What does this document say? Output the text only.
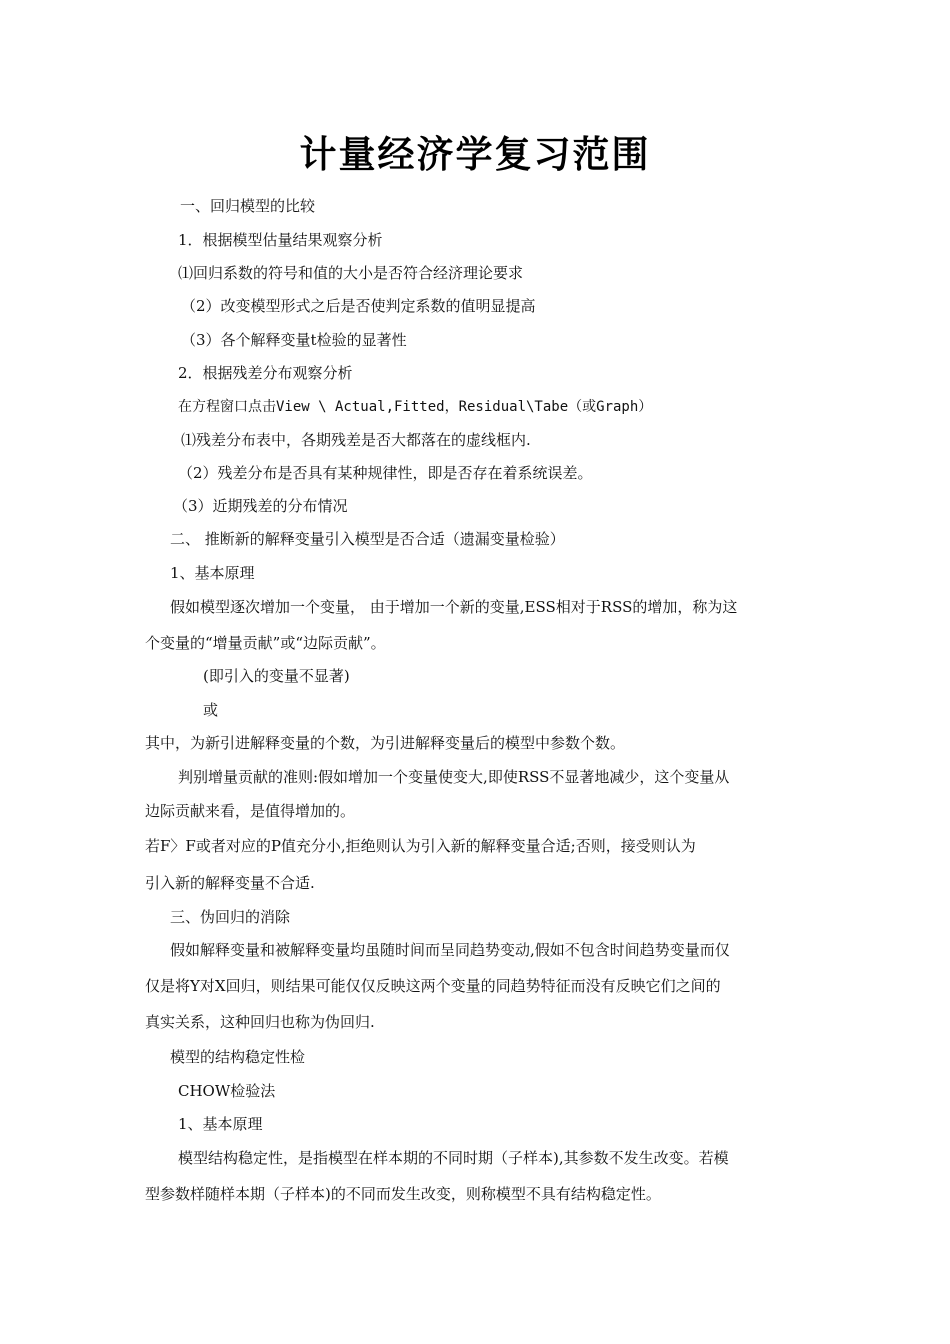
计量经济学复习范围
一、回归模型的比较
1．根据模型估量结果观察分析
⑴回归系数的符号和值的大小是否符合经济理论要求
（2）改变模型形式之后是否使判定系数的值明显提高
（3）各个解释变量t检验的显著性
2．根据残差分布观察分析
在方程窗口点击View \ Actual,Fitted，Residual\Tabe（或Graph）
⑴残差分布表中，各期残差是否大都落在的虚线框内.
（2）残差分布是否具有某种规律性，即是否存在着系统误差。
（3）近期残差的分布情况
二、 推断新的解释变量引入模型是否合适（遗漏变量检验）
1、基本原理
假如模型逐次增加一个变量， 由于增加一个新的变量,ESS相对于RSS的增加，称为这
个变量的“增量贡献”或“边际贡献”。
(即引入的变量不显著)
或
其中，为新引进解释变量的个数，为引进解释变量后的模型中参数个数。
判别增量贡献的准则:假如增加一个变量使变大,即使RSS不显著地减少，这个变量从
边际贡献来看，是值得增加的。
若F〉F或者对应的P值充分小,拒绝则认为引入新的解释变量合适;否则，接受则认为
引入新的解释变量不合适.
三、伪回归的消除
假如解释变量和被解释变量均虽随时间而呈同趋势变动,假如不包含时间趋势变量而仅
仅是将Y对X回归，则结果可能仅仅反映这两个变量的同趋势特征而没有反映它们之间的
真实关系，这种回归也称为伪回归.
模型的结构稳定性检
CHOW检验法
1、基本原理
模型结构稳定性，是指模型在样本期的不同时期（子样本),其参数不发生改变。若模
型参数样随样本期（子样本)的不同而发生改变，则称模型不具有结构稳定性。
